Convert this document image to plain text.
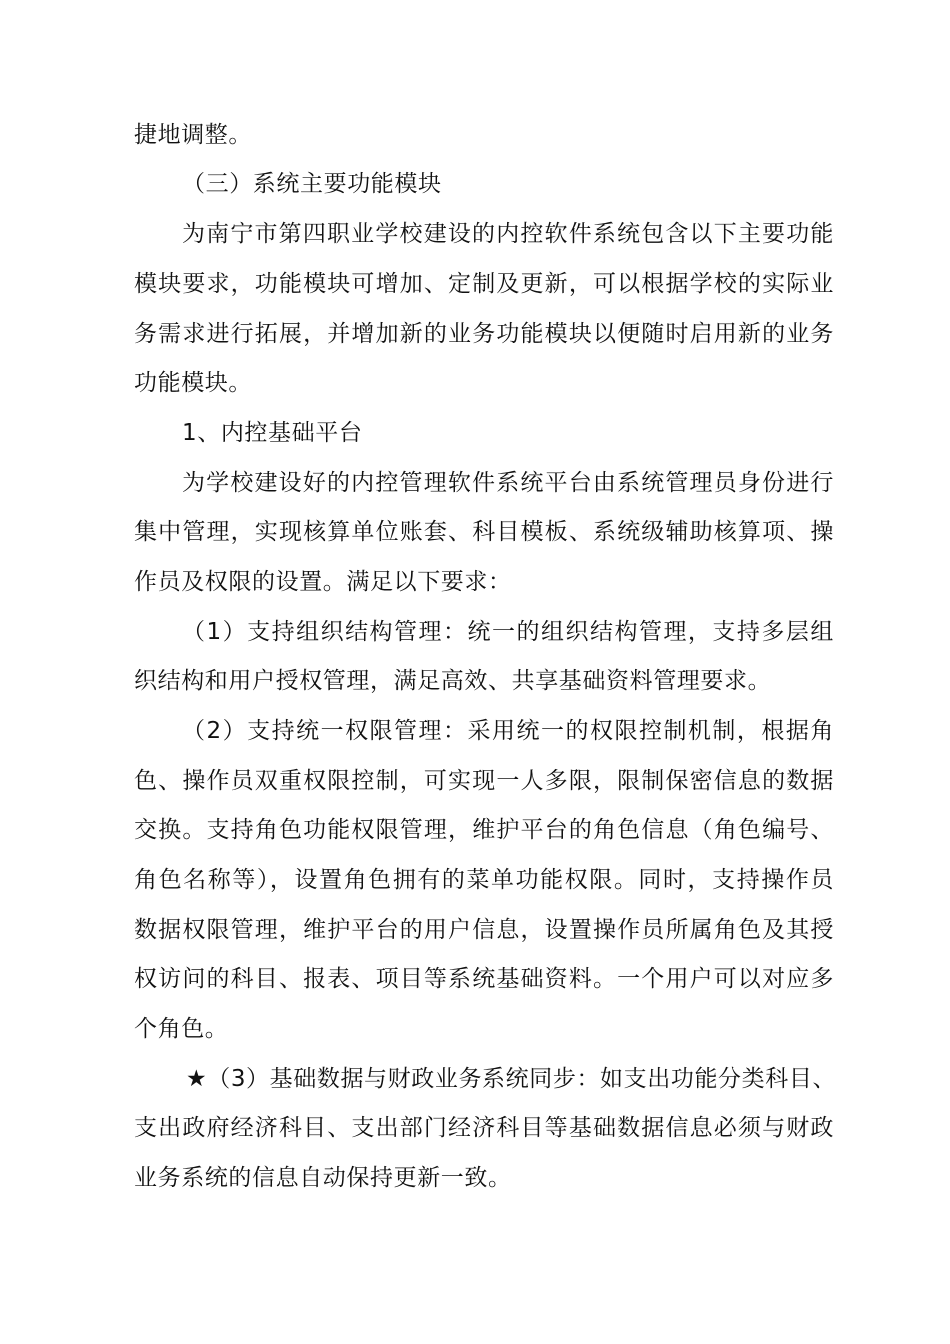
捷地调整。
（三）系统主要功能模块
为南宁市第四职业学校建设的内控软件系统包含以下主要功能
模块要求，功能模块可增加、定制及更新，可以根据学校的实际业
务需求进行拓展，并增加新的业务功能模块以便随时启用新的业务
功能模块。
1、内控基础平台
为学校建设好的内控管理软件系统平台由系统管理员身份进行
集中管理，实现核算单位账套、科目模板、系统级辅助核算项、操
作员及权限的设置。满足以下要求：
（1）支持组织结构管理：统一的组织结构管理，支持多层组
织结构和用户授权管理，满足高效、共享基础资料管理要求。
（2）支持统一权限管理：采用统一的权限控制机制，根据角
色、操作员双重权限控制，可实现一人多限，限制保密信息的数据
交换。支持角色功能权限管理，维护平台的角色信息（角色编号、
角色名称等），设置角色拥有的菜单功能权限。同时，支持操作员
数据权限管理，维护平台的用户信息，设置操作员所属角色及其授
权访问的科目、报表、项目等系统基础资料。一个用户可以对应多
个角色。
★（3）基础数据与财政业务系统同步：如支出功能分类科目、
支出政府经济科目、支出部门经济科目等基础数据信息必须与财政
业务系统的信息自动保持更新一致。
